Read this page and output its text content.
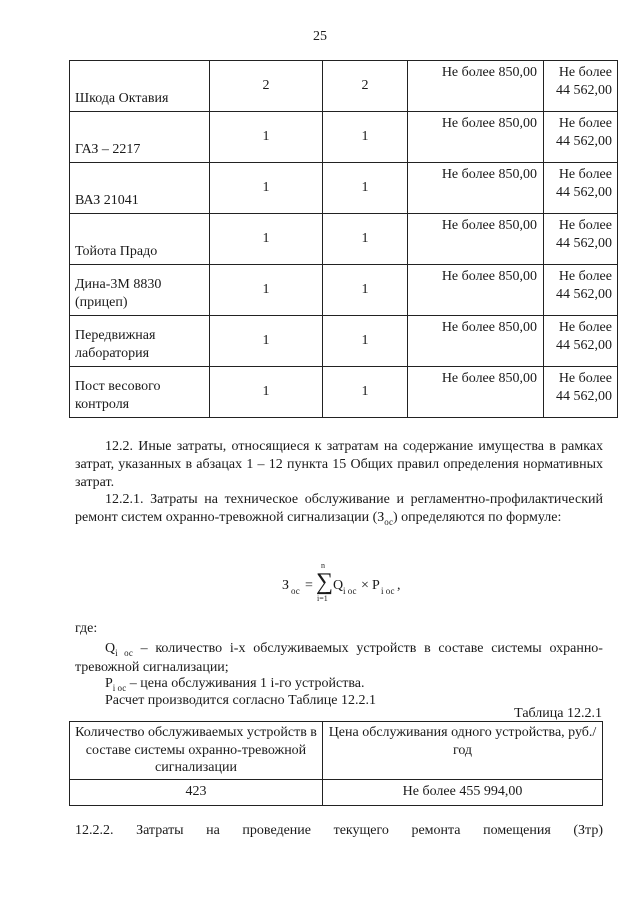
25
Шкода Октавия	2	2	Не более 850,00	Не более
44 562,00

ГАЗ – 2217	1	1	Не более 850,00	Не более
44 562,00

ВАЗ 21041	1	1	Не более 850,00	Не более
44 562,00

Тойота Прадо	1	1	Не более 850,00	Не более
44 562,00

Дина-3М 8830 (прицеп)	1	1	Не более 850,00	Не более
44 562,00

Передвижная лаборатория	1	1	Не более 850,00	Не более
44 562,00

Пост весового контроля	1	1	Не более 850,00	Не более
44 562,00
12.2. Иные затраты, относящиеся к затратам на содержание имущества в рамках затрат, указанных в абзацах 1 – 12 пункта 15 Общих правил определения нормативных затрат.
12.2.1. Затраты на техническое обслуживание и регламентно-профилактический ремонт систем охранно-тревожной сигнализации $(З_{ос})$ определяются по формуле:
З ос =
n
∑
i=1
Q i ос × P i ос ,
где:
$Q_{i ос}$ – количество i-х обслуживаемых устройств в составе системы охранно-тревожной сигнализации;
$P_{i ос}$ – цена обслуживания 1 i-го устройства.
Расчет производится согласно Таблице 12.2.1
Таблица 12.2.1
Количество обслуживаемых устройств в составе системы охранно-тревожной сигнализации	Цена обслуживания одного устройства, руб./год
423	Не более 455 994,00
12.2.2. Затраты на проведение текущего ремонта помещения (Зтр)
